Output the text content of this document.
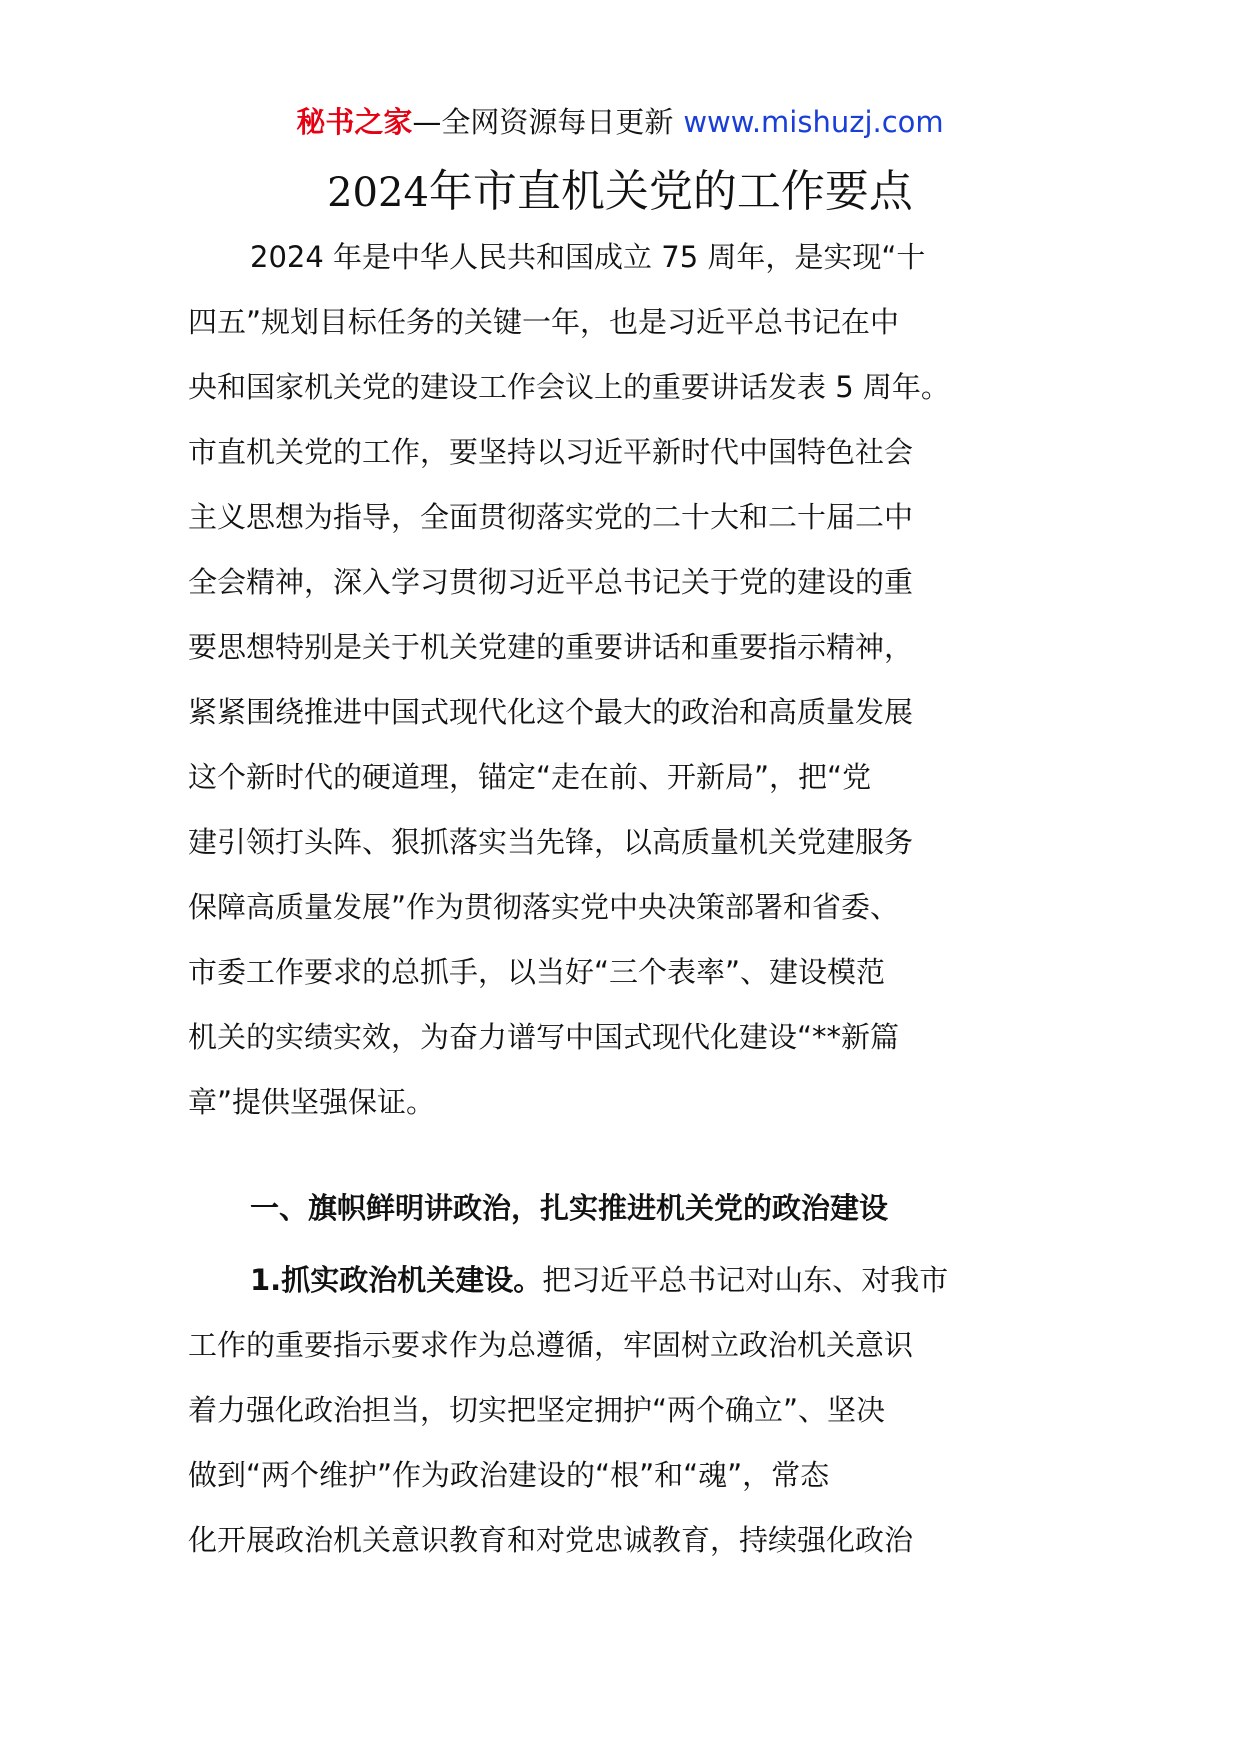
秘书之家—全网资源每日更新 www.mishuzj.com
2024年市直机关党的工作要点
2024 年是中华人民共和国成立 75 周年，是实现“十
四五”规划目标任务的关键一年，也是习近平总书记在中
央和国家机关党的建设工作会议上的重要讲话发表 5 周年。
市直机关党的工作，要坚持以习近平新时代中国特色社会
主义思想为指导，全面贯彻落实党的二十大和二十届二中
全会精神，深入学习贯彻习近平总书记关于党的建设的重
要思想特别是关于机关党建的重要讲话和重要指示精神，
紧紧围绕推进中国式现代化这个最大的政治和高质量发展
这个新时代的硬道理，锚定“走在前、开新局”，把“党
建引领打头阵、狠抓落实当先锋，以高质量机关党建服务
保障高质量发展”作为贯彻落实党中央决策部署和省委、
市委工作要求的总抓手，以当好“三个表率”、建设模范
机关的实绩实效，为奋力谱写中国式现代化建设“**新篇
章”提供坚强保证。
一、旗帜鲜明讲政治，扎实推进机关党的政治建设
1.抓实政治机关建设。把习近平总书记对山东、对我市
工作的重要指示要求作为总遵循，牢固树立政治机关意识
着力强化政治担当，切实把坚定拥护“两个确立”、坚决
做到“两个维护”作为政治建设的“根”和“魂”，常态
化开展政治机关意识教育和对党忠诚教育，持续强化政治
